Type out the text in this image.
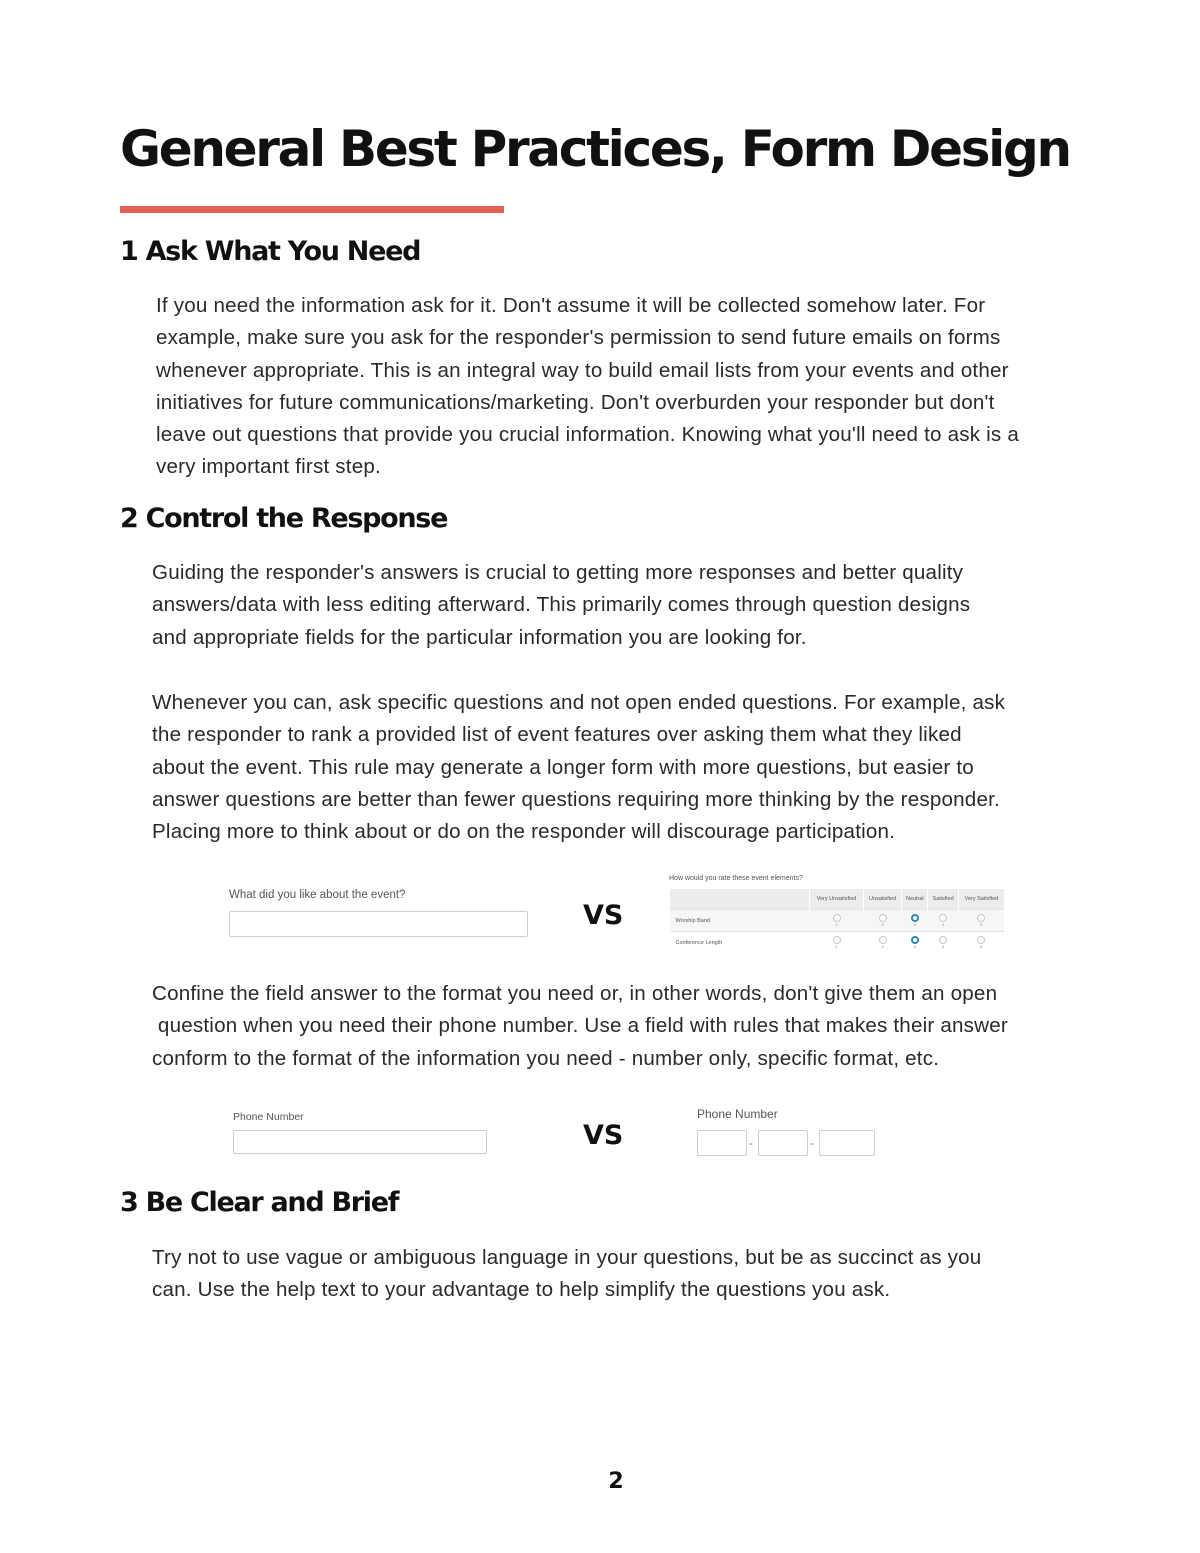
General Best Practices, Form Design
1 Ask What You Need
If you need the information ask for it. Don't assume it will be collected somehow later. For
example, make sure you ask for the responder's permission to send future emails on forms
whenever appropriate. This is an integral way to build email lists from your events and other
initiatives for future communications/marketing. Don't overburden your responder but don't
leave out questions that provide you crucial information. Knowing what you'll need to ask is a
very important first step.
2 Control the Response
Guiding the responder's answers is crucial to getting more responses and better quality
answers/data with less editing afterward. This primarily comes through question designs
and appropriate fields for the particular information you are looking for.
Whenever you can, ask specific questions and not open ended questions. For example, ask
the responder to rank a provided list of event features over asking them what they liked
about the event. This rule may generate a longer form with more questions, but easier to
answer questions are better than fewer questions requiring more thinking by the responder.
Placing more to think about or do on the responder will discourage participation.
What did you like about the event?
VS
How would you rate these event elements?
	Very Unsatisfied	Unsatisfied	Neutral	Satisfied	Very Satisfied
Worship Band	1	2	3	4	5

Conference Length	1	2	3	4	5
Confine the field answer to the format you need or, in other words, don't give them an open
question when you need their phone number. Use a field with rules that makes their answer
conform to the format of the information you need - number only, specific format, etc.
Phone Number
VS
Phone Number
-	-
3 Be Clear and Brief
Try not to use vague or ambiguous language in your questions, but be as succinct as you
can. Use the help text to your advantage to help simplify the questions you ask.
2
